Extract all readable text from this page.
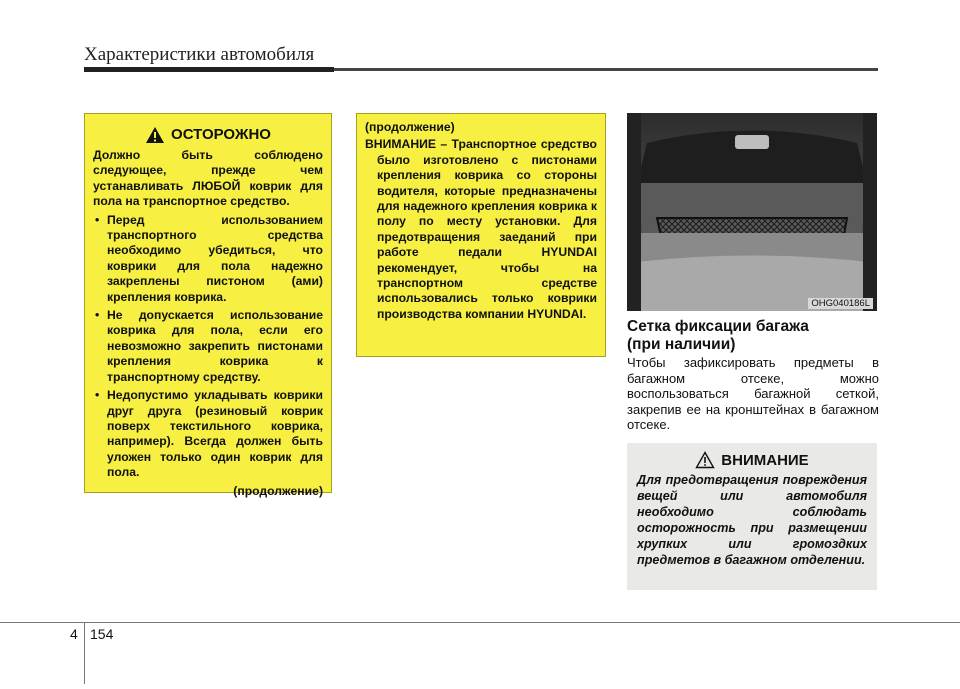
Характеристики автомобиля
ОСТОРОЖНО
Должно быть соблюдено следующее, прежде чем устанавливать ЛЮБОЙ коврик для пола на транспортное средство.
• Перед использованием транспортного средства необходимо убедиться, что коврики для пола надежно закреплены пистоном (ами) крепления коврика.
• Не допускается использование коврика для пола, если его невозможно закрепить пистонами крепления коврика к транспортному средству.
• Недопустимо укладывать коврики друг друга (резиновый коврик поверх текстильного коврика, например). Всегда должен быть уложен только один коврик для пола.
(продолжение)
(продолжение)
ВНИМАНИЕ – Транспортное средство было изготовлено с пистонами крепления коврика со стороны водителя, которые предназначены для надежного крепления коврика к полу по месту установки. Для предотвращения заеданий при работе педали HYUNDAI рекомендует, чтобы на транспортном средстве использовались только коврики производства компании HYUNDAI.
OHG040186L
Сетка фиксации багажа
(при наличии)
Чтобы зафиксировать предметы в багажном отсеке, можно воспользоваться багажной сеткой, закрепив ее на кронштейнах в багажном отсеке.
ВНИМАНИЕ
Для предотвращения повреждения вещей или автомобиля необходимо соблюдать осторожность при размещении хрупких или громоздких предметов в багажном отделении.
4 154
